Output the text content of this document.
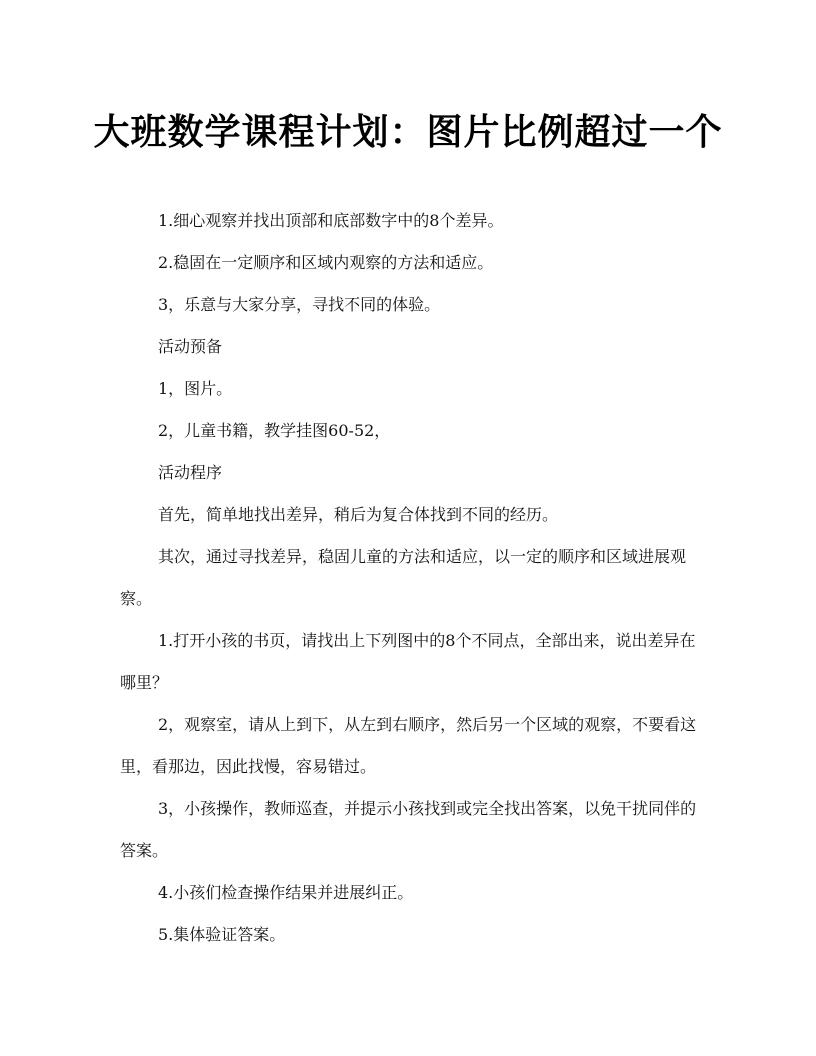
大班数学课程计划：图片比例超过一个

1.细心观察并找出顶部和底部数字中的8个差异。

2.稳固在一定顺序和区域内观察的方法和适应。

3，乐意与大家分享，寻找不同的体验。

活动预备

1，图片。

2，儿童书籍，教学挂图60-52，

活动程序

首先，简单地找出差异，稍后为复合体找到不同的经历。

其次，通过寻找差异，稳固儿童的方法和适应，以一定的顺序和区域进展观察。

1.打开小孩的书页，请找出上下列图中的8个不同点，全部出来，说出差异在哪里？

2，观察室，请从上到下，从左到右顺序，然后另一个区域的观察，不要看这里，看那边，因此找慢，容易错过。

3，小孩操作，教师巡查，并提示小孩找到或完全找出答案，以免干扰同伴的答案。

4.小孩们检查操作结果并进展纠正。

5.集体验证答案。
